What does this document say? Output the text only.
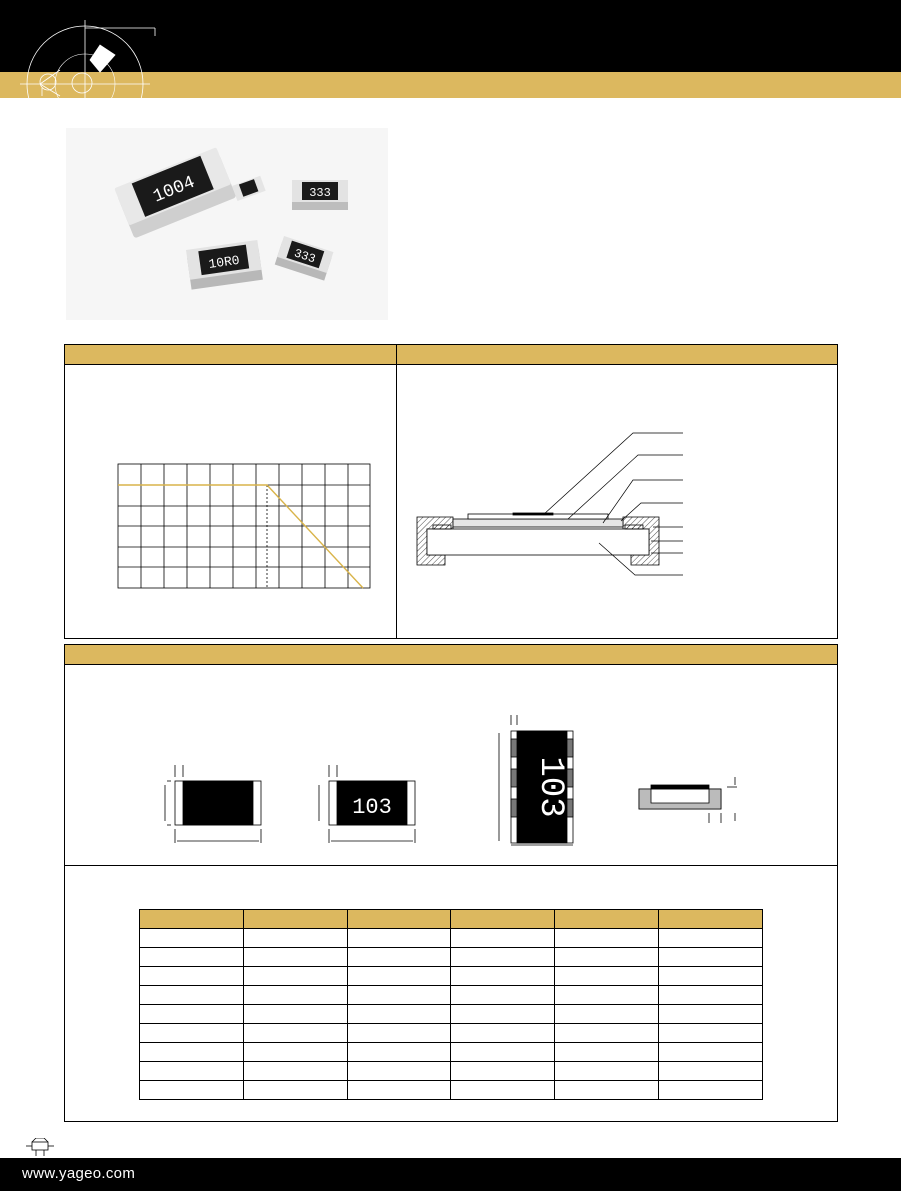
1004	333
10R0	333
103	103

www.yageo.com
